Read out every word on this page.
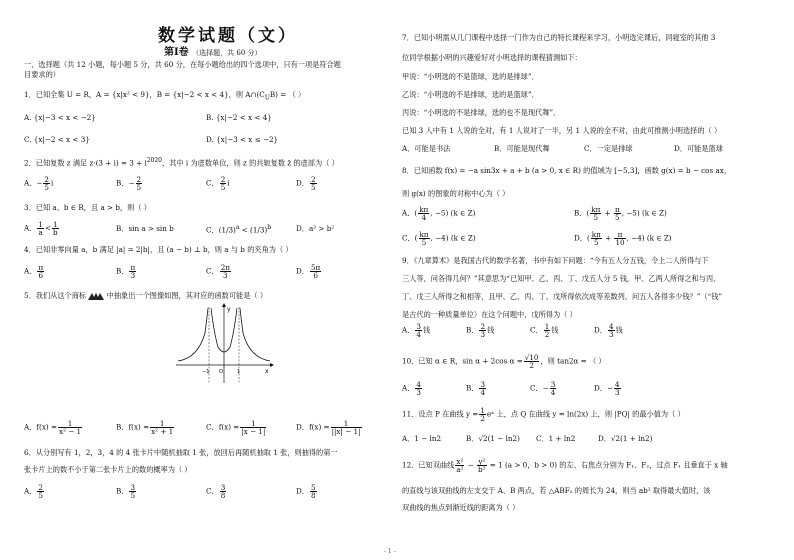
数学试题（文）
第Ⅰ卷 （选择题，共 60 分）
一、选择题（共 12 小题，每小题 5 分，共 60 分，在每小题给出的四个选项中，只有一项是符合题
目要求的）
1．已知全集 U = R，A = {x|x² < 9}，B = {x|−2 < x < 4}，则 $A\cap(C_UB)$ = （ ）
A. {x|−3 < x < −2}	B. {x|−2 < x < 4}
C. {x|−2 < x < 3}	D. {x|−3 < x ≤ −2}
2．已知复数 z 满足 $z\cdot(3 + i) = 3 + i^{2020}$，其中 i 为虚数单位，则 z 的共轭复数 z̄ 的虚部为（ ）
A．− $\frac{2}{5}$ i	B．− $\frac{2}{5}$	C． $\frac{2}{5}$ i	D． $\frac{2}{5}$
3．已知 a、b ∈ R，且 a > b，则（ ）
A． $\frac{1}{a} < \frac{1}{b}$	B．sin a > sin b	C．$(1/3)^a < (1/3)^b$	D．a² > b²
4．已知非零向量 a，b 满足 |a| = 2|b|，且 (a − b) ⊥ b，则 a 与 b 的夹角为（ ）
A． $\frac{\pi}{6}$	B． $\frac{\pi}{3}$	C． $\frac{2\pi}{3}$	D． $\frac{5\pi}{6}$
5．我们从这个商标	中抽象出一个图像如图，其对应的函数可能是（ ）
x
y
−1 O	1
A．$f(x) = \frac{1}{\text{x² − 1}}$	B．$f(x) = \frac{1}{\text{x² + 1}}$	C．$f(x) = \frac{1}{|x - 1|}$	D．$f(x) = \frac{1}{||x| - 1|}$
6．从分别写有 1，2，3，4 的 4 张卡片中随机抽取 1 张，放回后再随机抽取 1 张，则抽得的第一
张卡片上的数不小于第二张卡片上的数的概率为（ ）
A． $\frac{2}{5}$	B． $\frac{3}{5}$	C． $\frac{3}{8}$	D． $\frac{5}{8}$
7．已知小明需从几门课程中选择一门作为自己的特长课程来学习，小明选完课后，同寝室的其他 3
位同学根据小明的兴趣爱好对小明选择的课程猜测如下：
甲说：“小明选的不是篮球，选的是排球”．
乙说：“小明选的不是排球，选的是篮球”．
丙说：“小明选的不是排球，选的也不是现代舞”．
已知 3 人中有 1 人说的全对，有 1 人说对了一半，另 1 人说的全不对，由此可推测小明选择的（ ）
A．可能是书法	B．可能是现代舞	C．一定是排球	D．可能是篮球
8．已知函数 f(x) = −a sin3x + a + b (a > 0, x ∈ R) 的值域为 [−5,3]，函数 g(x) = b − cos ax，
则 g(x) 的图象的对称中心为（ ）
A．( $\frac{k\pi}{4}$ , −5) (k ∈ Z)	B．( $\frac{k\pi}{5} + \frac{\pi}{5}$ , −5) (k ∈ Z)
C．( $\frac{k\pi}{5}$ , −4) (k ∈ Z)	D．( $\frac{k\pi}{5} + \frac{\pi}{10}$ , −4) (k ∈ Z)
9．《九章算术》是我国古代的数学名著，书中有如下问题：“今有五人分五钱，令上二人所得与下
三人等，问各得几何？”其意思为“已知甲、乙、丙、丁、戊五人分 5 钱，甲、乙两人所得之和与丙、
丁、戊三人所得之和相等，且甲、乙、丙、丁、戊所得依次成等差数列，问五人各得多少钱？”（“钱”
是古代的一种质量单位）在这个问题中，戊所得为（ ）
A． $\frac{3}{4}$ 钱	B． $\frac{2}{3}$ 钱	C． $\frac{1}{2}$ 钱	D． $\frac{4}{3}$ 钱
10．已知 α ∈ R，sin α + 2cos $\alpha = \frac{√10}{2}$ ，则 tan2α = （ ）
A． $\frac{4}{3}$	B． $\frac{3}{4}$	C．− $\frac{3}{4}$	D．− $\frac{4}{3}$
11．设点 P 在曲线 $y = \frac{1}{2}$ eˣ 上，点 Q 在曲线 y = ln(2x) 上，则 |PQ| 的最小值为（ ）
A．1 − ln2	B．√2(1 − ln2) C．1 + ln2	D．√2(1 + ln2)
12．已知双曲线 $\frac{\text{x²}}{\text{a²}} - \frac{\text{y²}}{\text{b²}} = 1$ (a > 0，b > 0) 的左、右焦点分别为 F₁、F₂，过点 F₁ 且垂直于 x 轴
的直线与该双曲线的左支交于 A、B 两点，若 △ABF₂ 的周长为 24，则当 ab² 取得最大值时，该
双曲线的焦点到渐近线的距离为（ ）
- 1 -
